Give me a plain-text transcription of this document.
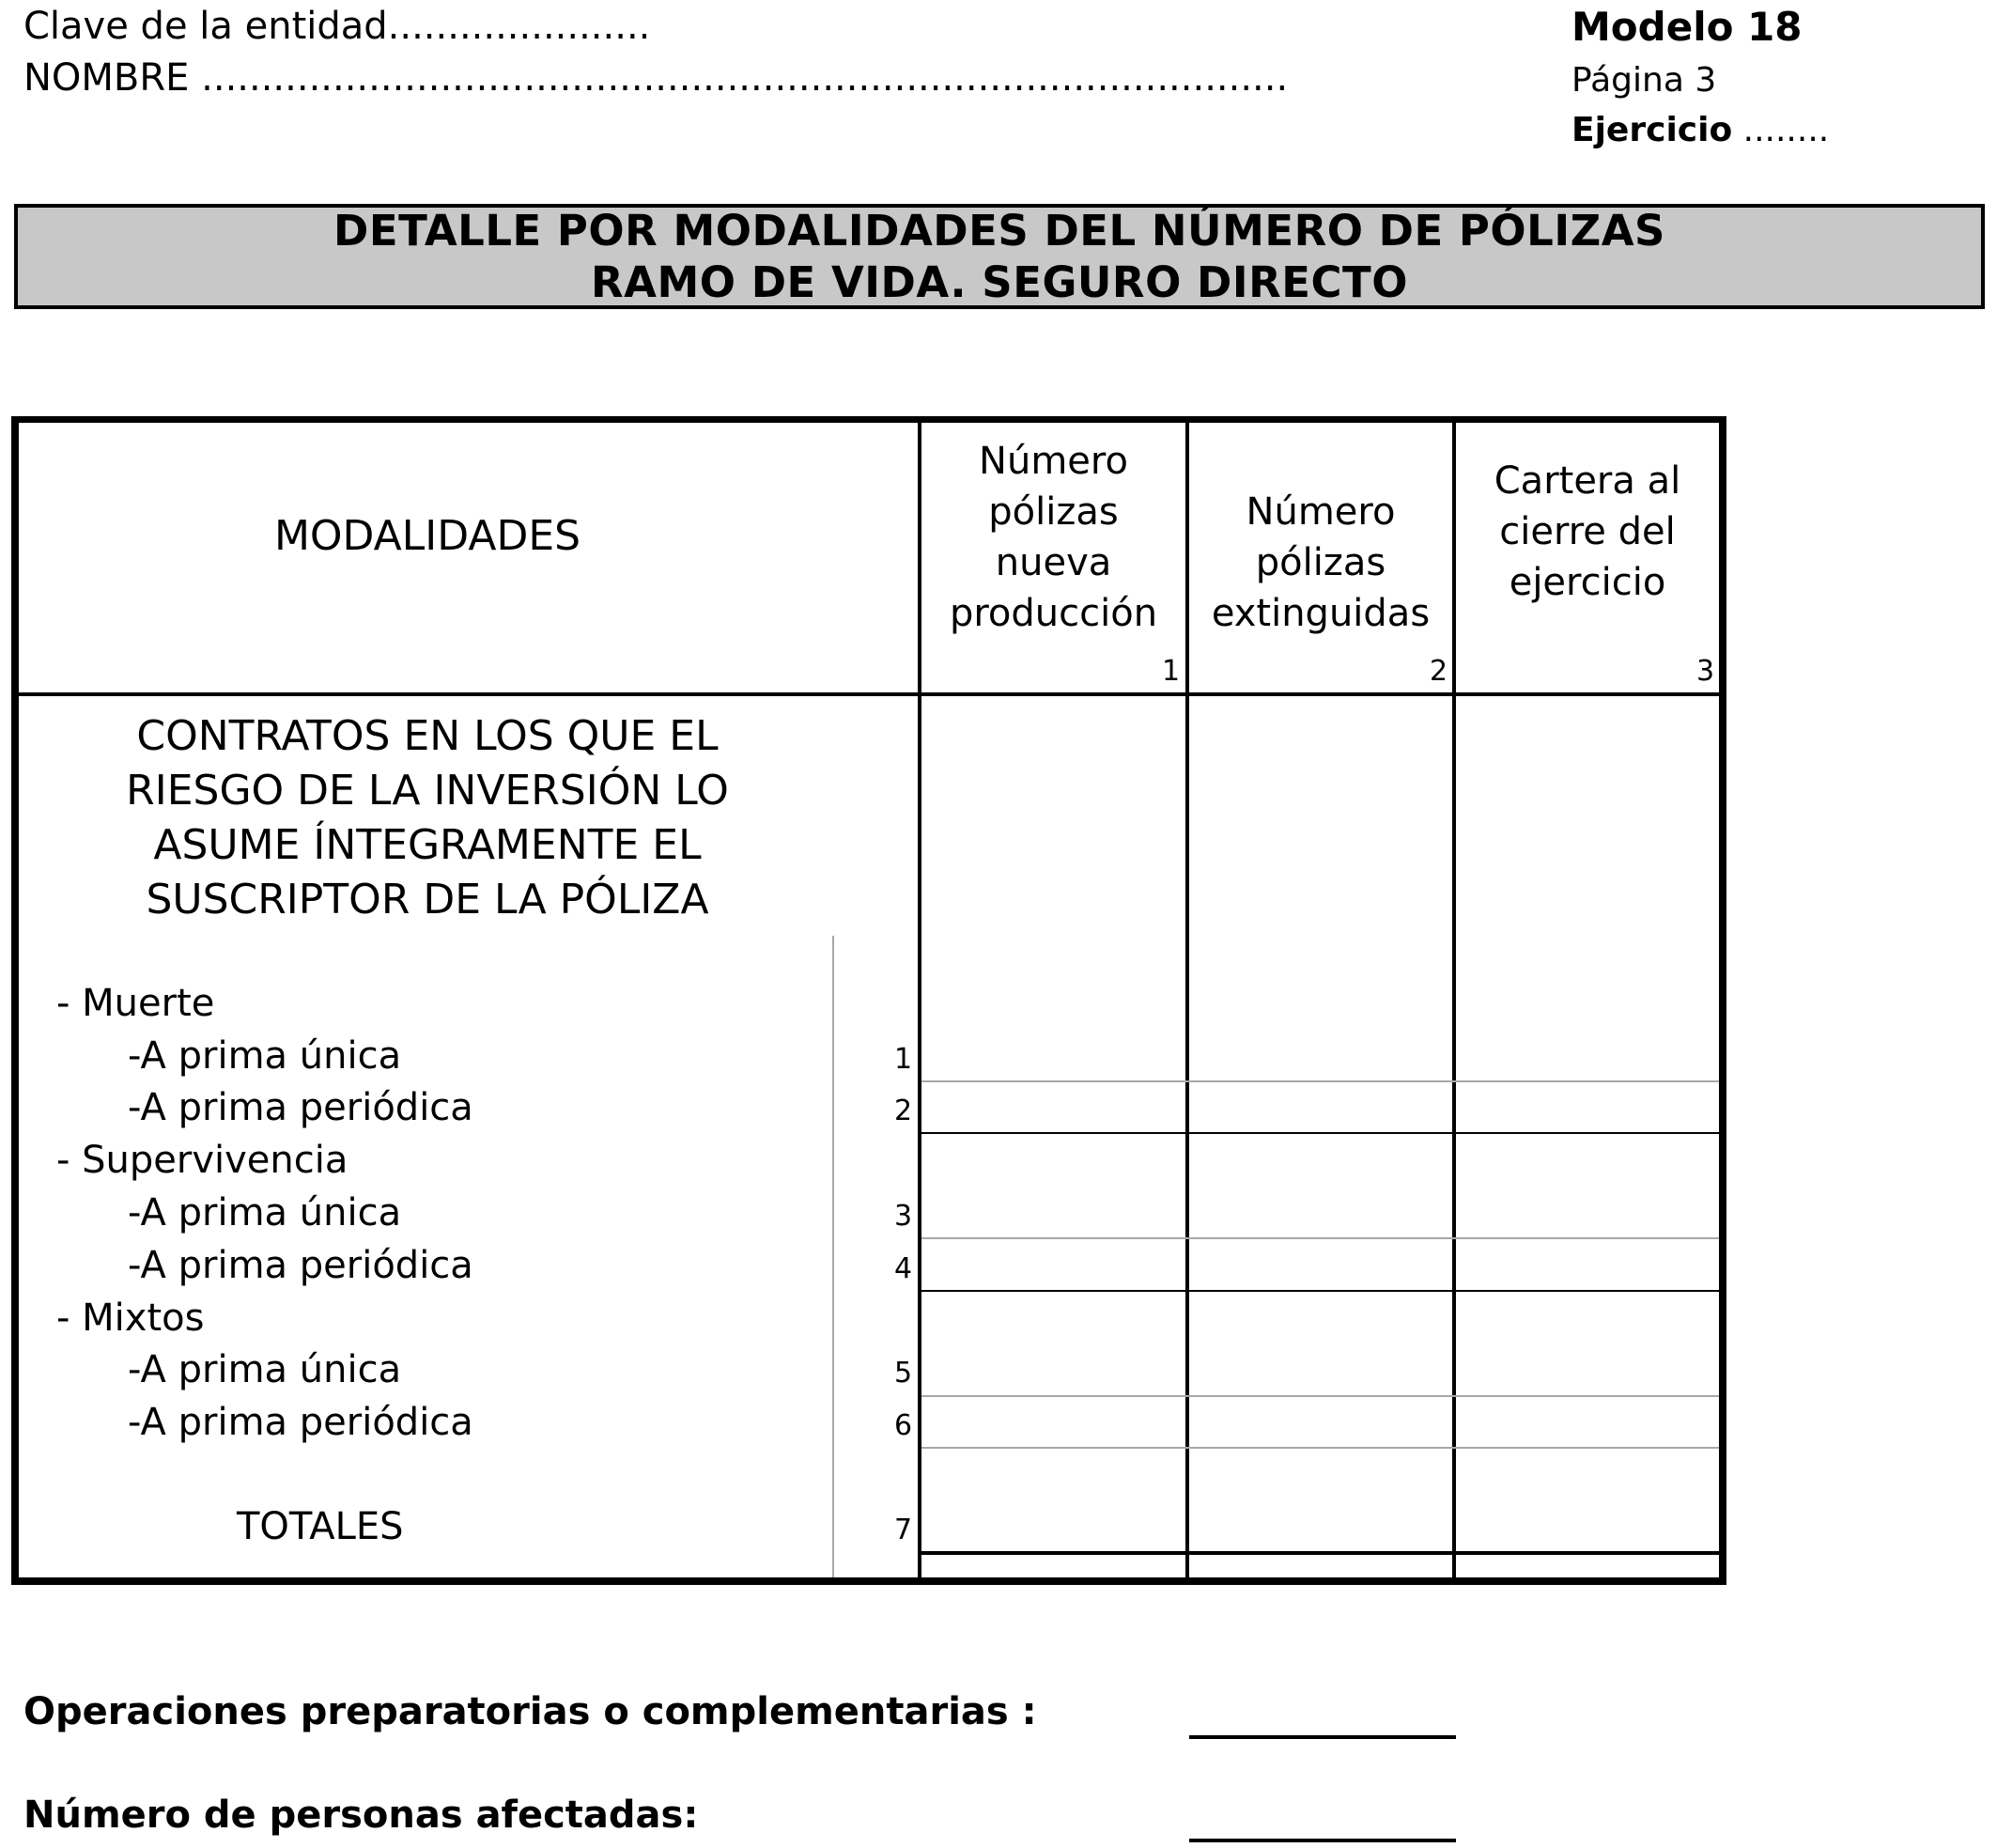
Clave de la entidad......................
NOMBRE ...........................................................................................
Modelo 18
Página 3
Ejercicio ........
DETALLE POR MODALIDADES DEL NÚMERO DE PÓLIZAS
RAMO DE VIDA. SEGURO DIRECTO
MODALIDADES
Número
pólizas
nueva
producción
1
Número
pólizas
extinguidas
2
Cartera al
cierre del
ejercicio
3
CONTRATOS EN LOS QUE EL
RIESGO DE LA INVERSIÓN LO
ASUME ÍNTEGRAMENTE EL
SUSCRIPTOR DE LA PÓLIZA
- Muerte
-A prima única	1
-A prima periódica	2
- Supervivencia
-A prima única	3
-A prima periódica	4
- Mixtos
-A prima única	5
-A prima periódica	6
TOTALES	7
Operaciones preparatorias o complementarias :
Número de personas afectadas:
